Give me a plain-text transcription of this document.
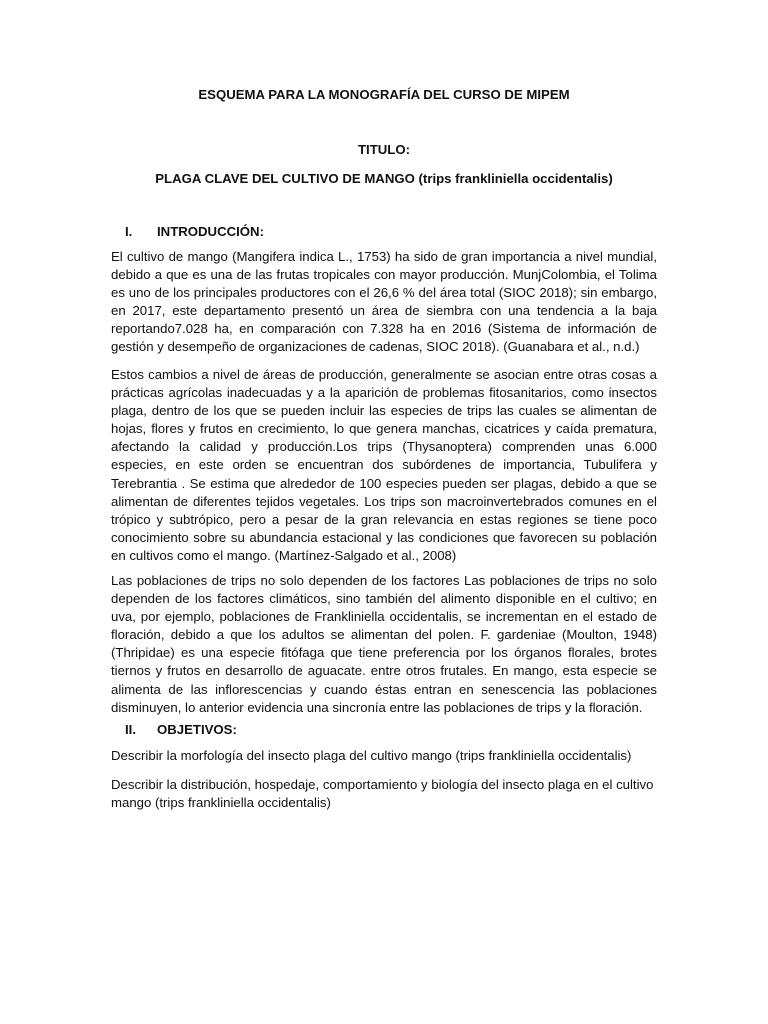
ESQUEMA PARA LA MONOGRAFÍA DEL CURSO DE MIPEM
TITULO:
PLAGA CLAVE DEL CULTIVO DE MANGO (trips frankliniella occidentalis)
I.	INTRODUCCIÓN:

El cultivo de mango (Mangifera indica L., 1753) ha sido de gran importancia a nivel mundial, debido a que es una de las frutas tropicales con mayor producción. MunjColombia, el Tolima es uno de los principales productores con el 26,6 % del área total (SIOC 2018); sin embargo, en 2017, este departamento presentó un área de siembra con una tendencia a la baja reportando7.028 ha, en comparación con 7.328 ha en 2016 (Sistema de información de gestión y desempeño de organizaciones de cadenas, SIOC 2018). (Guanabara et al., n.d.)

Estos cambios a nivel de áreas de producción, generalmente se asocian entre otras cosas a prácticas agrícolas inadecuadas y a la aparición de problemas fitosanitarios, como insectos plaga, dentro de los que se pueden incluir las especies de trips las cuales se alimentan de hojas, flores y frutos en crecimiento, lo que genera manchas, cicatrices y caída prematura, afectando la calidad y producción.Los trips (Thysanoptera) comprenden unas 6.000 especies, en este orden se encuentran dos subórdenes de importancia, Tubulifera y Terebrantia . Se estima que alrededor de 100 especies pueden ser plagas, debido a que se alimentan de diferentes tejidos vegetales. Los trips son macroinvertebrados comunes en el trópico y subtrópico, pero a pesar de la gran relevancia en estas regiones se tiene poco conocimiento sobre su abundancia estacional y las condiciones que favorecen su población en cultivos como el mango. (Martínez-Salgado et al., 2008)

Las poblaciones de trips no solo dependen de los factores Las poblaciones de trips no solo dependen de los factores climáticos, sino también del alimento disponible en el cultivo; en uva, por ejemplo, poblaciones de Frankliniella occidentalis, se incrementan en el estado de floración, debido a que los adultos se alimentan del polen. F. gardeniae (Moulton, 1948) (Thripidae) es una especie fitófaga que tiene preferencia por los órganos florales, brotes tiernos y frutos en desarrollo de aguacate. entre otros frutales. En mango, esta especie se alimenta de las inflorescencias y cuando éstas entran en senescencia las poblaciones disminuyen, lo anterior evidencia una sincronía entre las poblaciones de trips y la floración.

II.	OBJETIVOS:

Describir la morfología del insecto plaga del cultivo mango (trips frankliniella occidentalis)

Describir la distribución, hospedaje, comportamiento y biología del insecto plaga en el cultivo mango (trips frankliniella occidentalis)
